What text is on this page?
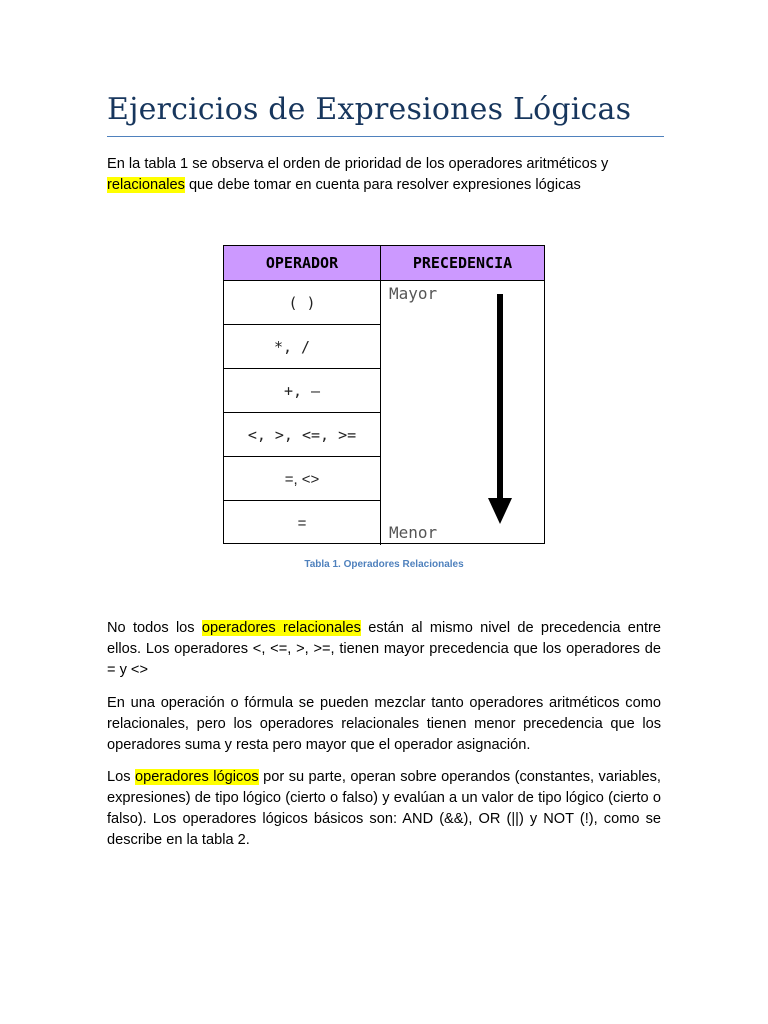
Ejercicios de Expresiones Lógicas

En la tabla 1 se observa el orden de prioridad de los operadores aritméticos y relacionales que debe tomar en cuenta para resolver expresiones lógicas

OPERADOR	PRECEDENCIA
( )
*, /
+, –
<, >, <=, >=
=, <>
=
Mayor
Menor
Tabla 1. Operadores Relacionales

No todos los operadores relacionales están al mismo nivel de precedencia entre ellos. Los operadores <, <=, >, >=, tienen mayor precedencia que los operadores de = y <>

En una operación o fórmula se pueden mezclar tanto operadores aritméticos como relacionales, pero los operadores relacionales tienen menor precedencia que los operadores suma y resta pero mayor que el operador asignación.

Los operadores lógicos por su parte, operan sobre operandos (constantes, variables, expresiones) de tipo lógico (cierto o falso) y evalúan a un valor de tipo lógico (cierto o falso). Los operadores lógicos básicos son: AND (&&), OR (||) y NOT (!), como se describe en la tabla 2.
